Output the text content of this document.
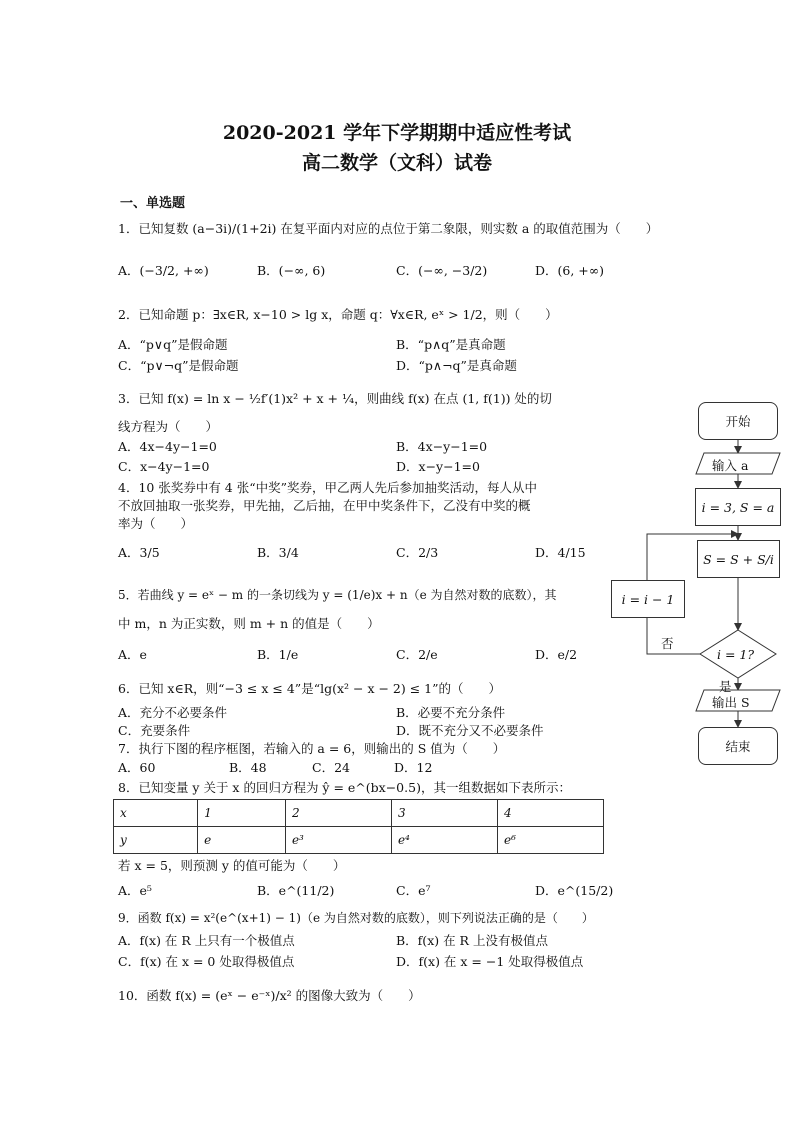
2020-2021 学年下学期期中适应性考试
高二数学（文科）试卷
一、单选题
1．已知复数 (a−3i)/(1+2i) 在复平面内对应的点位于第二象限，则实数 a 的取值范围为（　　）
A．(−3/2, +∞)	B．(−∞, 6)	C．(−∞, −3/2)	D．(6, +∞)
2．已知命题 p：∃x∈R, x−10 > lg x，命题 q：∀x∈R, eˣ > 1/2，则（　　）
A．“p∨q”是假命题	B．“p∧q”是真命题
C．“p∨¬q”是假命题	D．“p∧¬q”是真命题
3．已知 f(x) = ln x − ½f′(1)x² + x + ¼，则曲线 f(x) 在点 (1, f(1)) 处的切
线方程为（　　）
A．4x−4y−1=0	B．4x−y−1=0
C．x−4y−1=0	D．x−y−1=0
4．10 张奖券中有 4 张“中奖”奖券，甲乙两人先后参加抽奖活动，每人从中
不放回抽取一张奖券，甲先抽，乙后抽，在甲中奖条件下，乙没有中奖的概
率为（　　）
A．3/5	B．3/4	C．2/3	D．4/15
5．若曲线 y = eˣ − m 的一条切线为 y = (1/e)x + n（e 为自然对数的底数），其
中 m，n 为正实数，则 m + n 的值是（　　）
A．e	B．1/e	C．2/e	D．e/2
6．已知 x∈R，则“−3 ≤ x ≤ 4”是“lg(x² − x − 2) ≤ 1”的（　　）
A．充分不必要条件	B．必要不充分条件
C．充要条件	D．既不充分又不必要条件
7．执行下图的程序框图，若输入的 a = 6，则输出的 S 值为（　　）
A．60	B．48	C．24	D．12
8．已知变量 y 关于 x 的回归方程为 ŷ = e^(bx−0.5)，其一组数据如下表所示：
x	1	2	3	4
y	e	e³	e⁴	e⁶
若 x = 5，则预测 y 的值可能为（　　）
A．e⁵	B．e^(11/2)	C．e⁷	D．e^(15/2)
9．函数 f(x) = x²(e^(x+1) − 1)（e 为自然对数的底数），则下列说法正确的是（　　）
A．f(x) 在 R 上只有一个极值点	B．f(x) 在 R 上没有极值点
C．f(x) 在 x = 0 处取得极值点	D．f(x) 在 x = −1 处取得极值点
10．函数 f(x) = (eˣ − e⁻ˣ)/x² 的图像大致为（　　）
开始
输入 a
i = 3, S = a
S = S + S/i
i = i − 1
否
i = 1?
是
输出 S
结束
